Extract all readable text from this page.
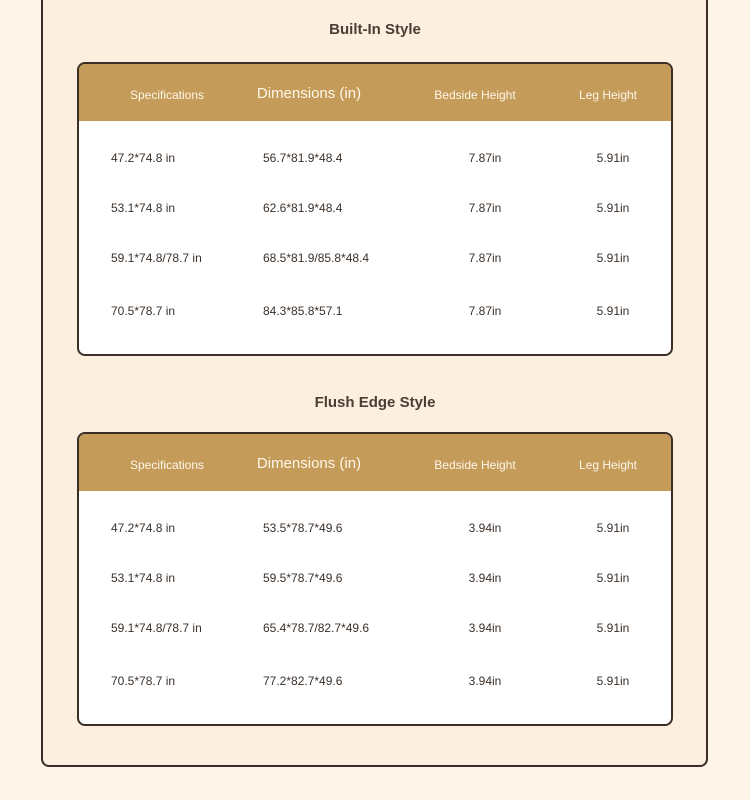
Built-In Style
Specifications	Dimensions (in)	Bedside Height	Leg Height
47.2*74.8 in	56.7*81.9*48.4	7.87in	5.91in
53.1*74.8 in	62.6*81.9*48.4	7.87in	5.91in
59.1*74.8/78.7 in	68.5*81.9/85.8*48.4	7.87in	5.91in
70.5*78.7 in	84.3*85.8*57.1	7.87in	5.91in
Flush Edge Style
Specifications	Dimensions (in)	Bedside Height	Leg Height
47.2*74.8 in	53.5*78.7*49.6	3.94in	5.91in
53.1*74.8 in	59.5*78.7*49.6	3.94in	5.91in
59.1*74.8/78.7 in	65.4*78.7/82.7*49.6	3.94in	5.91in
70.5*78.7 in	77.2*82.7*49.6	3.94in	5.91in
